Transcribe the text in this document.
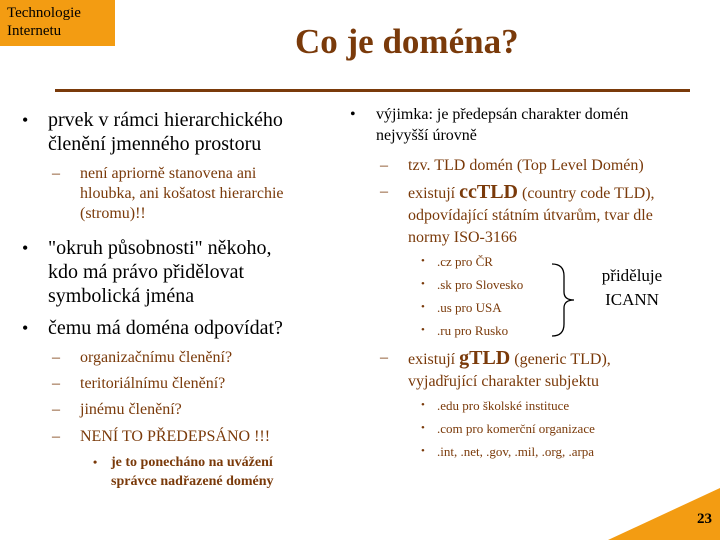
Technologie
Internetu	Co je doména?
• prvek v rámci hierarchického
členění jmenného prostoru
– není apriorně stanovena ani
hloubka, ani košatost hierarchie
(stromu)!!
• "okruh působnosti" někoho,
kdo má právo přidělovat
symbolická jména
• čemu má doména odpovídat?
– organizačnímu členění?
– teritoriálnímu členění?
– jinému členění?
– NENÍ TO PŘEDEPSÁNO !!!
• je to ponecháno na uvážení
správce nadřazené domény
• výjimka: je předepsán charakter domén
nejvyšší úrovně
– tzv. TLD domén (Top Level Domén)
– existují ccTLD (country code TLD),
odpovídající státním útvarům, tvar dle
normy ISO-3166
• .cz pro ČR
• .sk pro Slovesko
• .us pro USA
• .ru pro Rusko
přiděluje
ICANN
– existují gTLD (generic TLD),
vyjadřující charakter subjektu
• .edu pro školské instituce
• .com pro komerční organizace
• .int, .net, .gov, .mil, .org, .arpa
23
